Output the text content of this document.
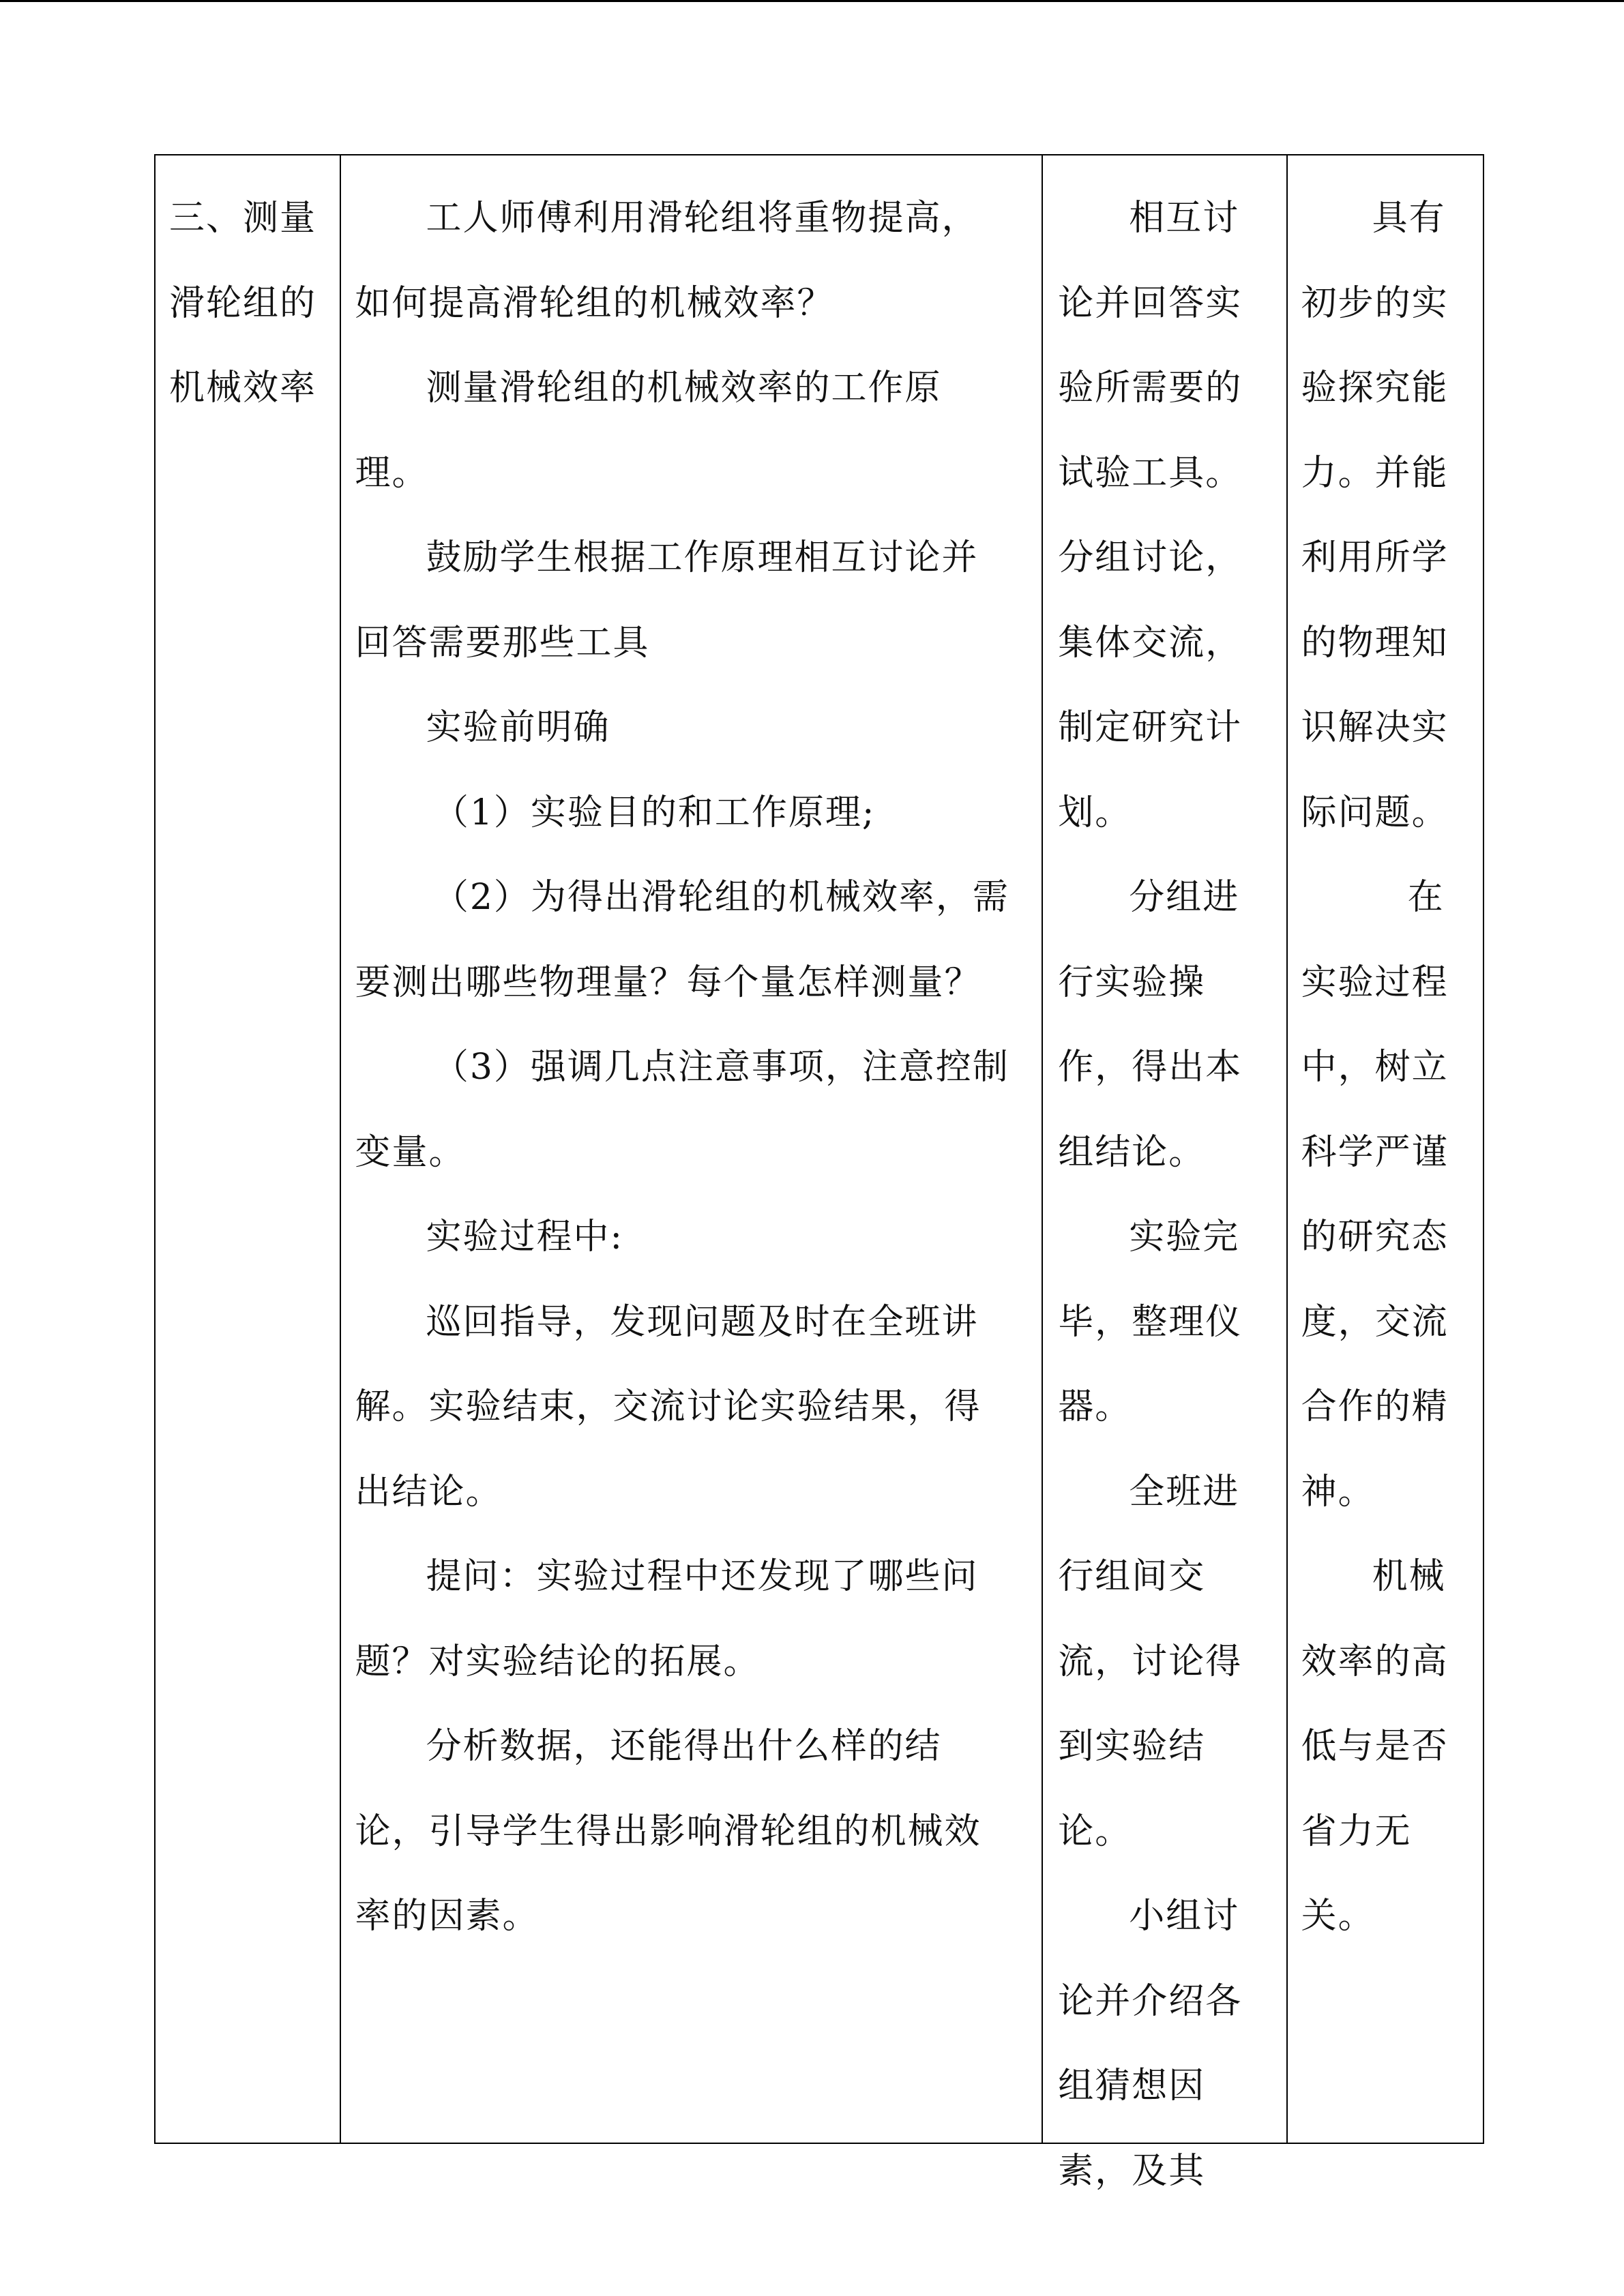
三、测量滑轮组的机械效率

工人师傅利用滑轮组将重物提高，如何提高滑轮组的机械效率？

测量滑轮组的机械效率的工作原理。

鼓励学生根据工作原理相互讨论并回答需要那些工具

实验前明确

（1）实验目的和工作原理;

（2）为得出滑轮组的机械效率，需要测出哪些物理量？每个量怎样测量？

（3）强调几点注意事项，注意控制变量。

实验过程中:

巡回指导，发现问题及时在全班讲解。实验结束，交流讨论实验结果，得出结论。

提问：实验过程中还发现了哪些问题？对实验结论的拓展。

分析数据，还能得出什么样的结论，引导学生得出影响滑轮组的机械效率的因素。

相互讨论并回答实验所需要的试验工具。分组讨论，集体交流，制定研究计划。

分组进行实验操作，得出本组结论。

实验完毕，整理仪器。

全班进行组间交流，讨论得到实验结论。

小组讨论并介绍各组猜想因素，及其

具有初步的实验探究能力。并能利用所学的物理知识解决实际问题。

在实验过程中，树立科学严谨的研究态度，交流合作的精神。

机械效率的高低与是否省力无关。
